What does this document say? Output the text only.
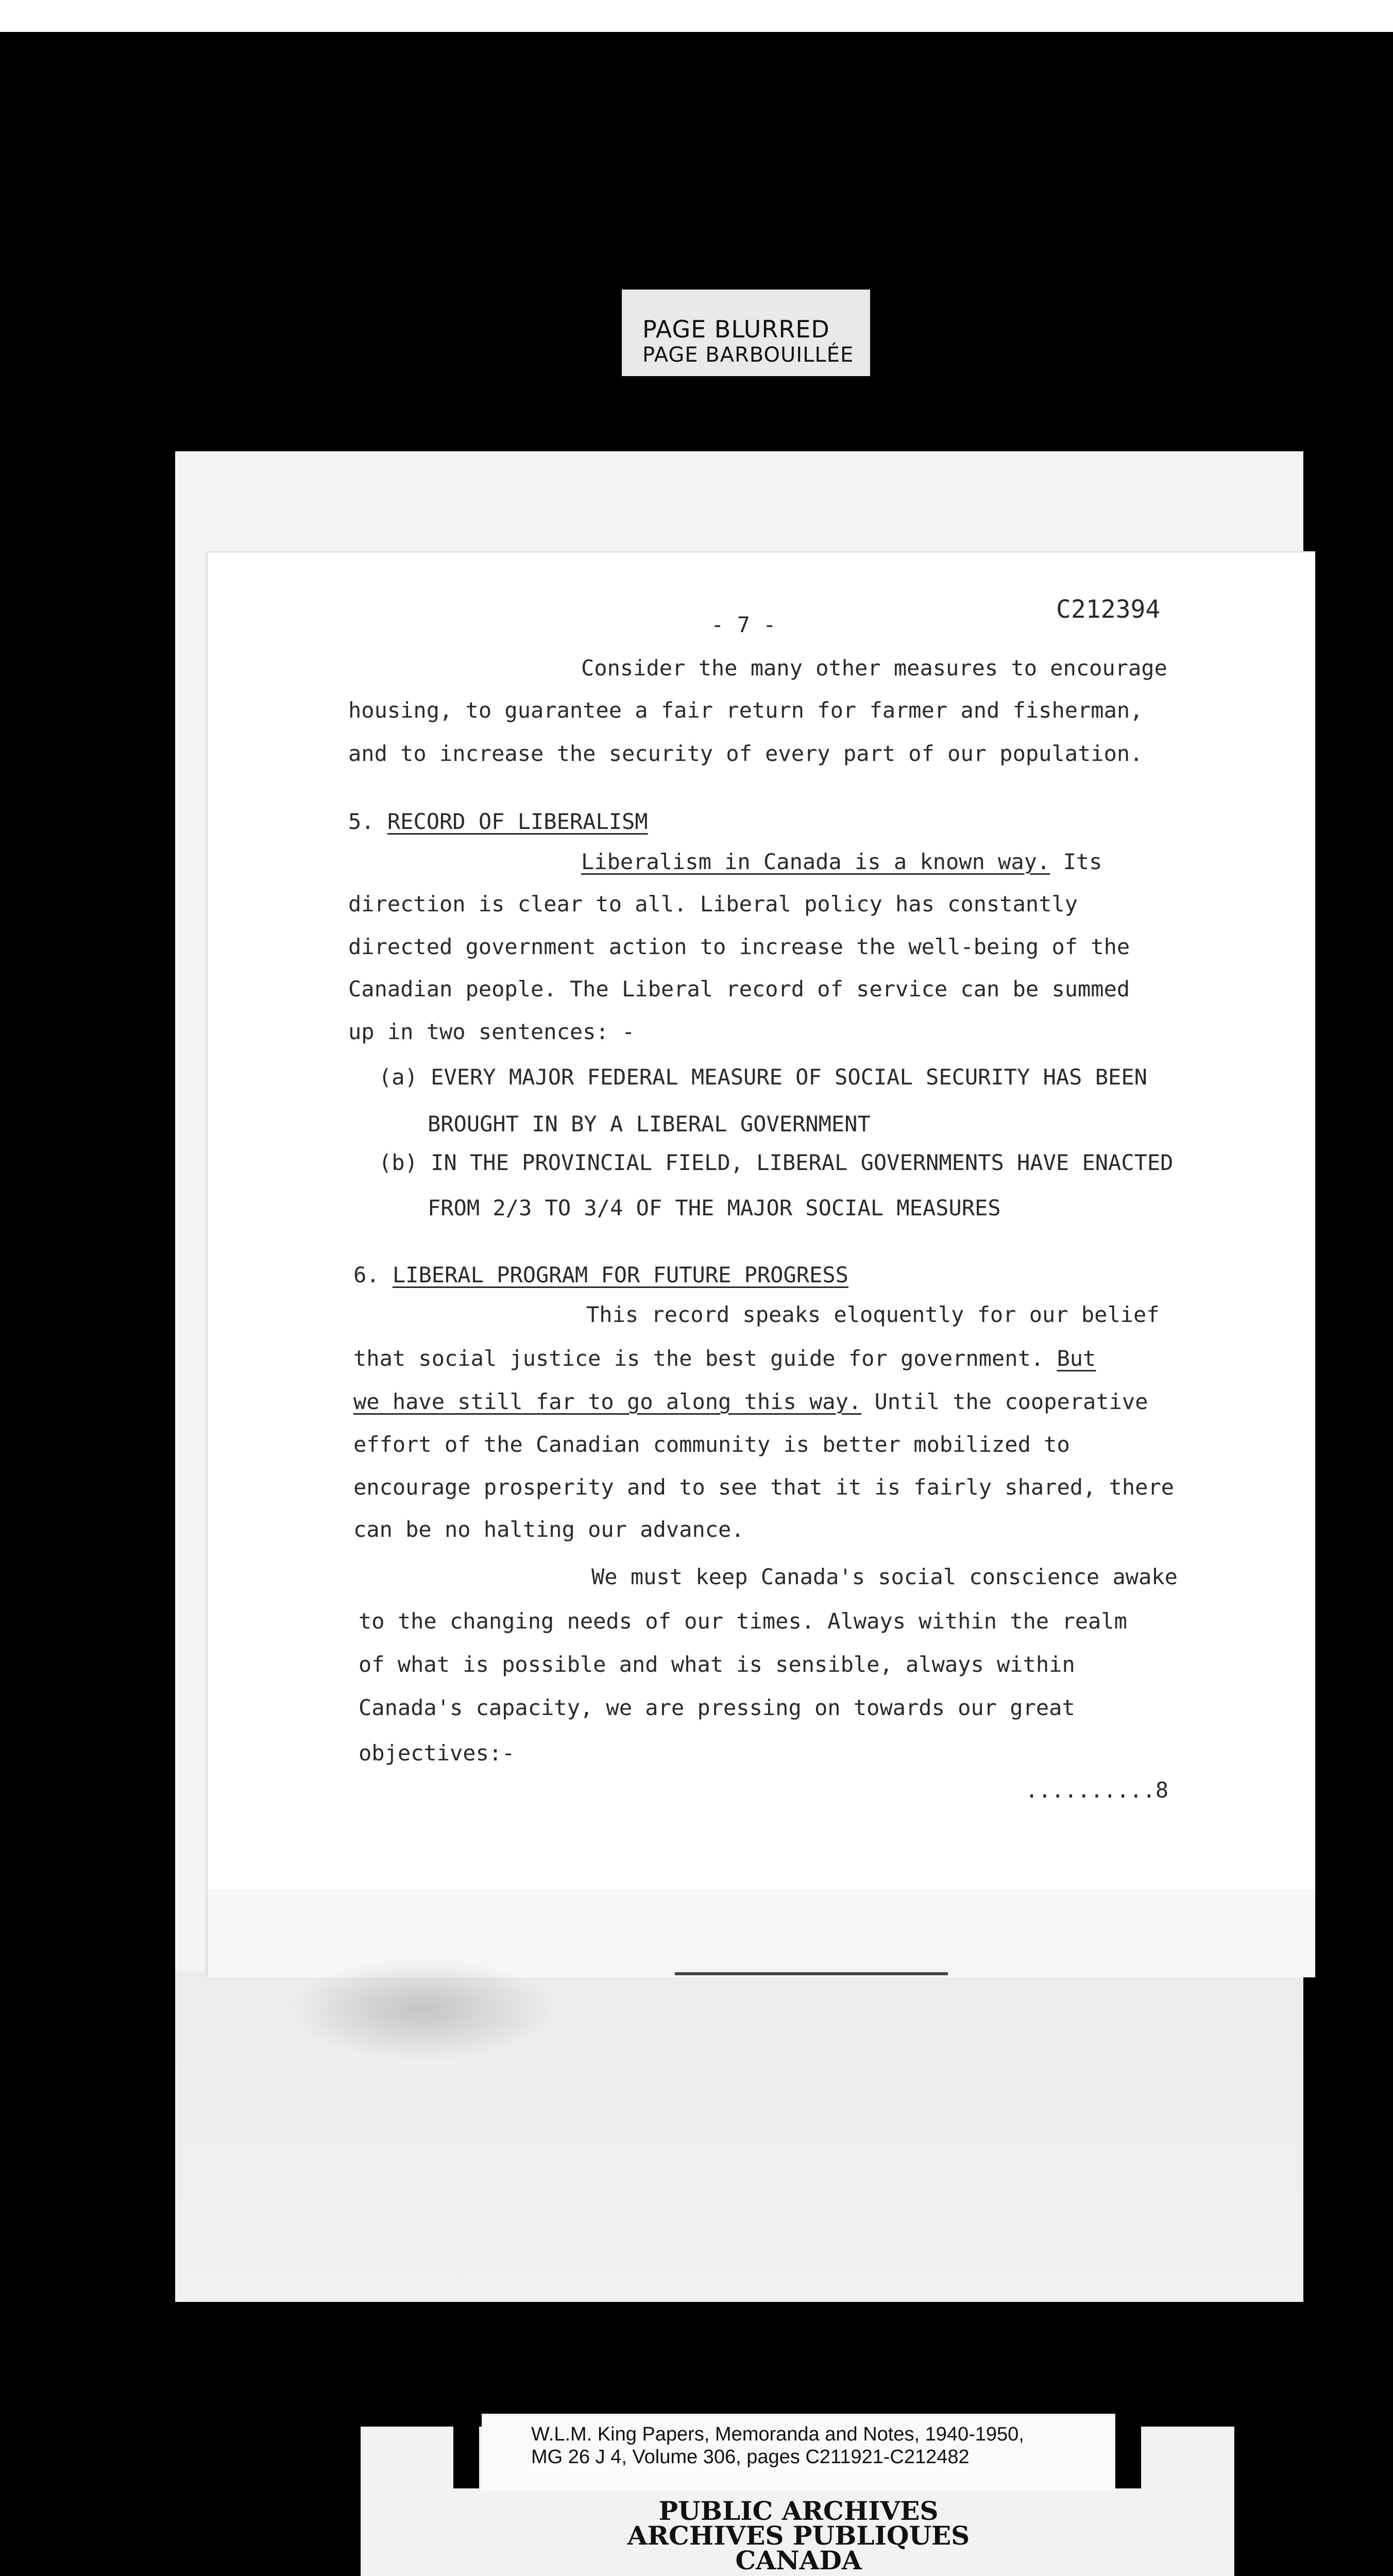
PAGE BLURRED
PAGE BARBOUILLÉE
- 7 -
C212394
Consider the many other measures to encourage
housing, to guarantee a fair return for farmer and fisherman,
and to increase the security of every part of our population.
5. RECORD OF LIBERALISM
Liberalism in Canada is a known way. Its
direction is clear to all. Liberal policy has constantly
directed government action to increase the well-being of the
Canadian people. The Liberal record of service can be summed
up in two sentences: -
(a) EVERY MAJOR FEDERAL MEASURE OF SOCIAL SECURITY HAS BEEN
BROUGHT IN BY A LIBERAL GOVERNMENT
(b) IN THE PROVINCIAL FIELD, LIBERAL GOVERNMENTS HAVE ENACTED
FROM 2/3 TO 3/4 OF THE MAJOR SOCIAL MEASURES
6. LIBERAL PROGRAM FOR FUTURE PROGRESS
This record speaks eloquently for our belief
that social justice is the best guide for government. But
we have still far to go along this way. Until the cooperative
effort of the Canadian community is better mobilized to
encourage prosperity and to see that it is fairly shared, there
can be no halting our advance.
We must keep Canada's social conscience awake
to the changing needs of our times. Always within the realm
of what is possible and what is sensible, always within
Canada's capacity, we are pressing on towards our great
objectives:-
..........8
W.L.M. King Papers, Memoranda and Notes, 1940-1950,
MG 26 J 4, Volume 306, pages C211921-C212482
PUBLIC ARCHIVES
ARCHIVES PUBLIQUES
CANADA
